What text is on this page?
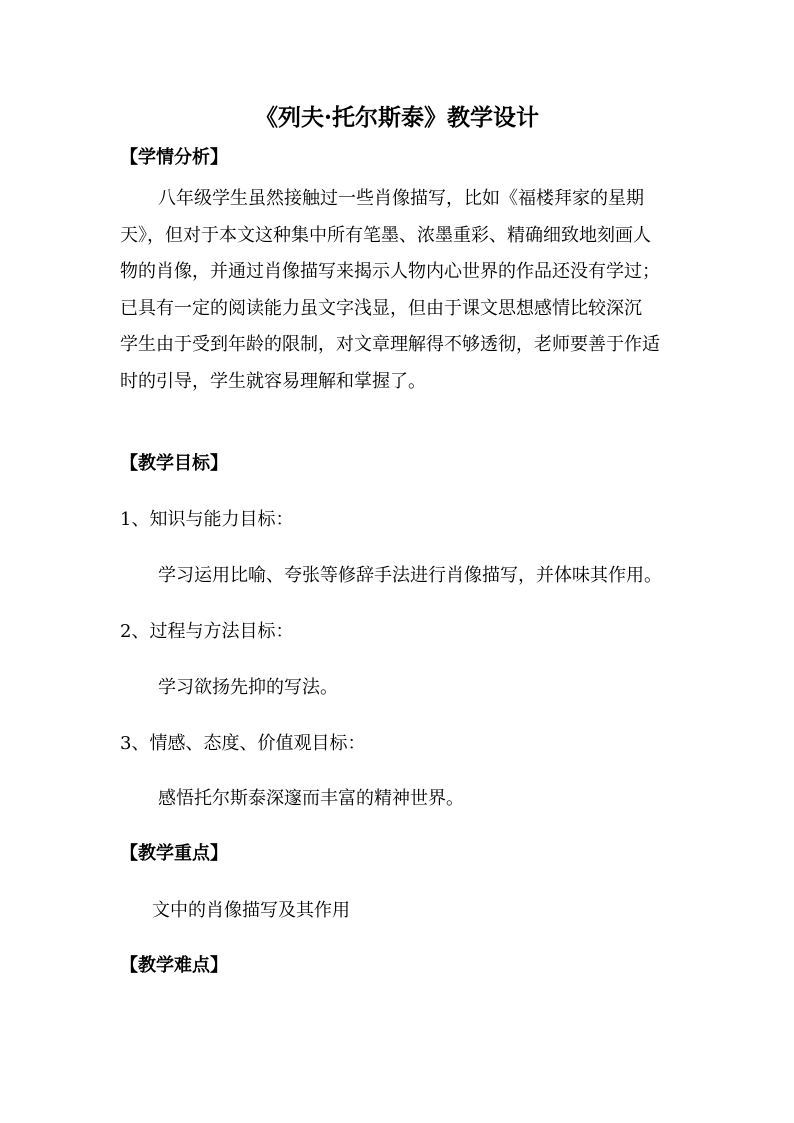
《列夫·托尔斯泰》教学设计
【学情分析】
八年级学生虽然接触过一些肖像描写，比如《福楼拜家的星期
天》，但对于本文这种集中所有笔墨、浓墨重彩、精确细致地刻画人
物的肖像，并通过肖像描写来揭示人物内心世界的作品还没有学过；
已具有一定的阅读能力虽文字浅显，但由于课文思想感情比较深沉
学生由于受到年龄的限制，对文章理解得不够透彻，老师要善于作适
时的引导，学生就容易理解和掌握了。
【教学目标】
1、知识与能力目标：
学习运用比喻、夸张等修辞手法进行肖像描写，并体味其作用。
2、过程与方法目标：
学习欲扬先抑的写法。
3、情感、态度、价值观目标：
感悟托尔斯泰深邃而丰富的精神世界。
【教学重点】
文中的肖像描写及其作用
【教学难点】
